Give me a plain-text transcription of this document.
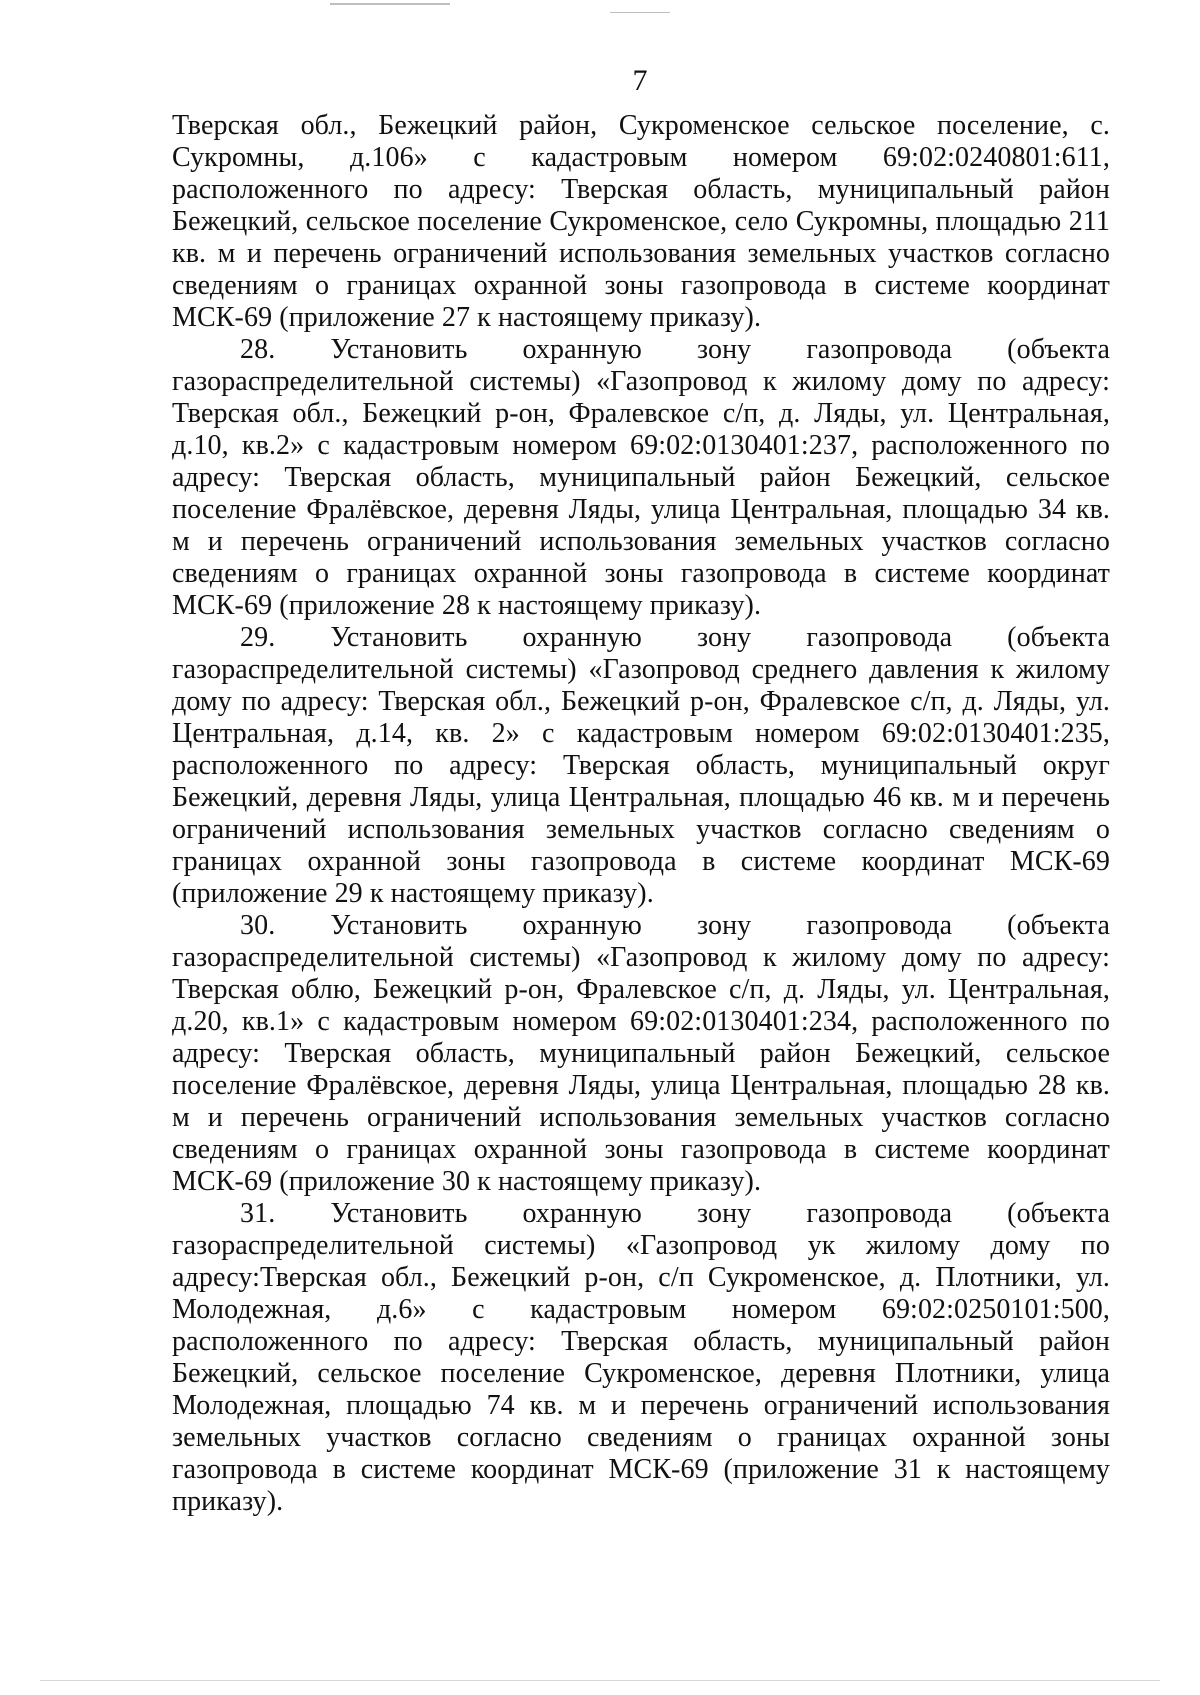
7

Тверская обл., Бежецкий район, Сукроменское сельское поселение, с. Сукромны, д.106» с кадастровым номером 69:02:0240801:611, расположенного по адресу: Тверская область, муниципальный район Бежецкий, сельское поселение Сукроменское, село Сукромны, площадью 211 кв. м и перечень ограничений использования земельных участков согласно сведениям о границах охранной зоны газопровода в системе координат МСК-69 (приложение 27 к настоящему приказу).

28. Установить охранную зону газопровода (объекта газораспределительной системы) «Газопровод к жилому дому по адресу: Тверская обл., Бежецкий р-он, Фралевское с/п, д. Ляды, ул. Центральная, д.10, кв.2» с кадастровым номером 69:02:0130401:237, расположенного по адресу: Тверская область, муниципальный район Бежецкий, сельское поселение Фралёвское, деревня Ляды, улица Центральная, площадью 34 кв. м и перечень ограничений использования земельных участков согласно сведениям о границах охранной зоны газопровода в системе координат МСК-69 (приложение 28 к настоящему приказу).

29. Установить охранную зону газопровода (объекта газораспределительной системы) «Газопровод среднего давления к жилому дому по адресу: Тверская обл., Бежецкий р-он, Фралевское с/п, д. Ляды, ул. Центральная, д.14, кв. 2» с кадастровым номером 69:02:0130401:235, расположенного по адресу: Тверская область, муниципальный округ Бежецкий, деревня Ляды, улица Центральная, площадью 46 кв. м и перечень ограничений использования земельных участков согласно сведениям о границах охранной зоны газопровода в системе координат МСК-69 (приложение 29 к настоящему приказу).

30. Установить охранную зону газопровода (объекта газораспределительной системы) «Газопровод к жилому дому по адресу: Тверская облю, Бежецкий р-он, Фралевское с/п, д. Ляды, ул. Центральная, д.20, кв.1» с кадастровым номером 69:02:0130401:234, расположенного по адресу: Тверская область, муниципальный район Бежецкий, сельское поселение Фралёвское, деревня Ляды, улица Центральная, площадью 28 кв. м и перечень ограничений использования земельных участков согласно сведениям о границах охранной зоны газопровода в системе координат МСК-69 (приложение 30 к настоящему приказу).

31. Установить охранную зону газопровода (объекта газораспределительной системы) «Газопровод ук жилому дому по адресу:Тверская обл., Бежецкий р-он, с/п Сукроменское, д. Плотники, ул. Молодежная, д.6» с кадастровым номером 69:02:0250101:500, расположенного по адресу: Тверская область, муниципальный район Бежецкий, сельское поселение Сукроменское, деревня Плотники, улица Молодежная, площадью 74 кв. м и перечень ограничений использования земельных участков согласно сведениям о границах охранной зоны газопровода в системе координат МСК-69 (приложение 31 к настоящему приказу).
